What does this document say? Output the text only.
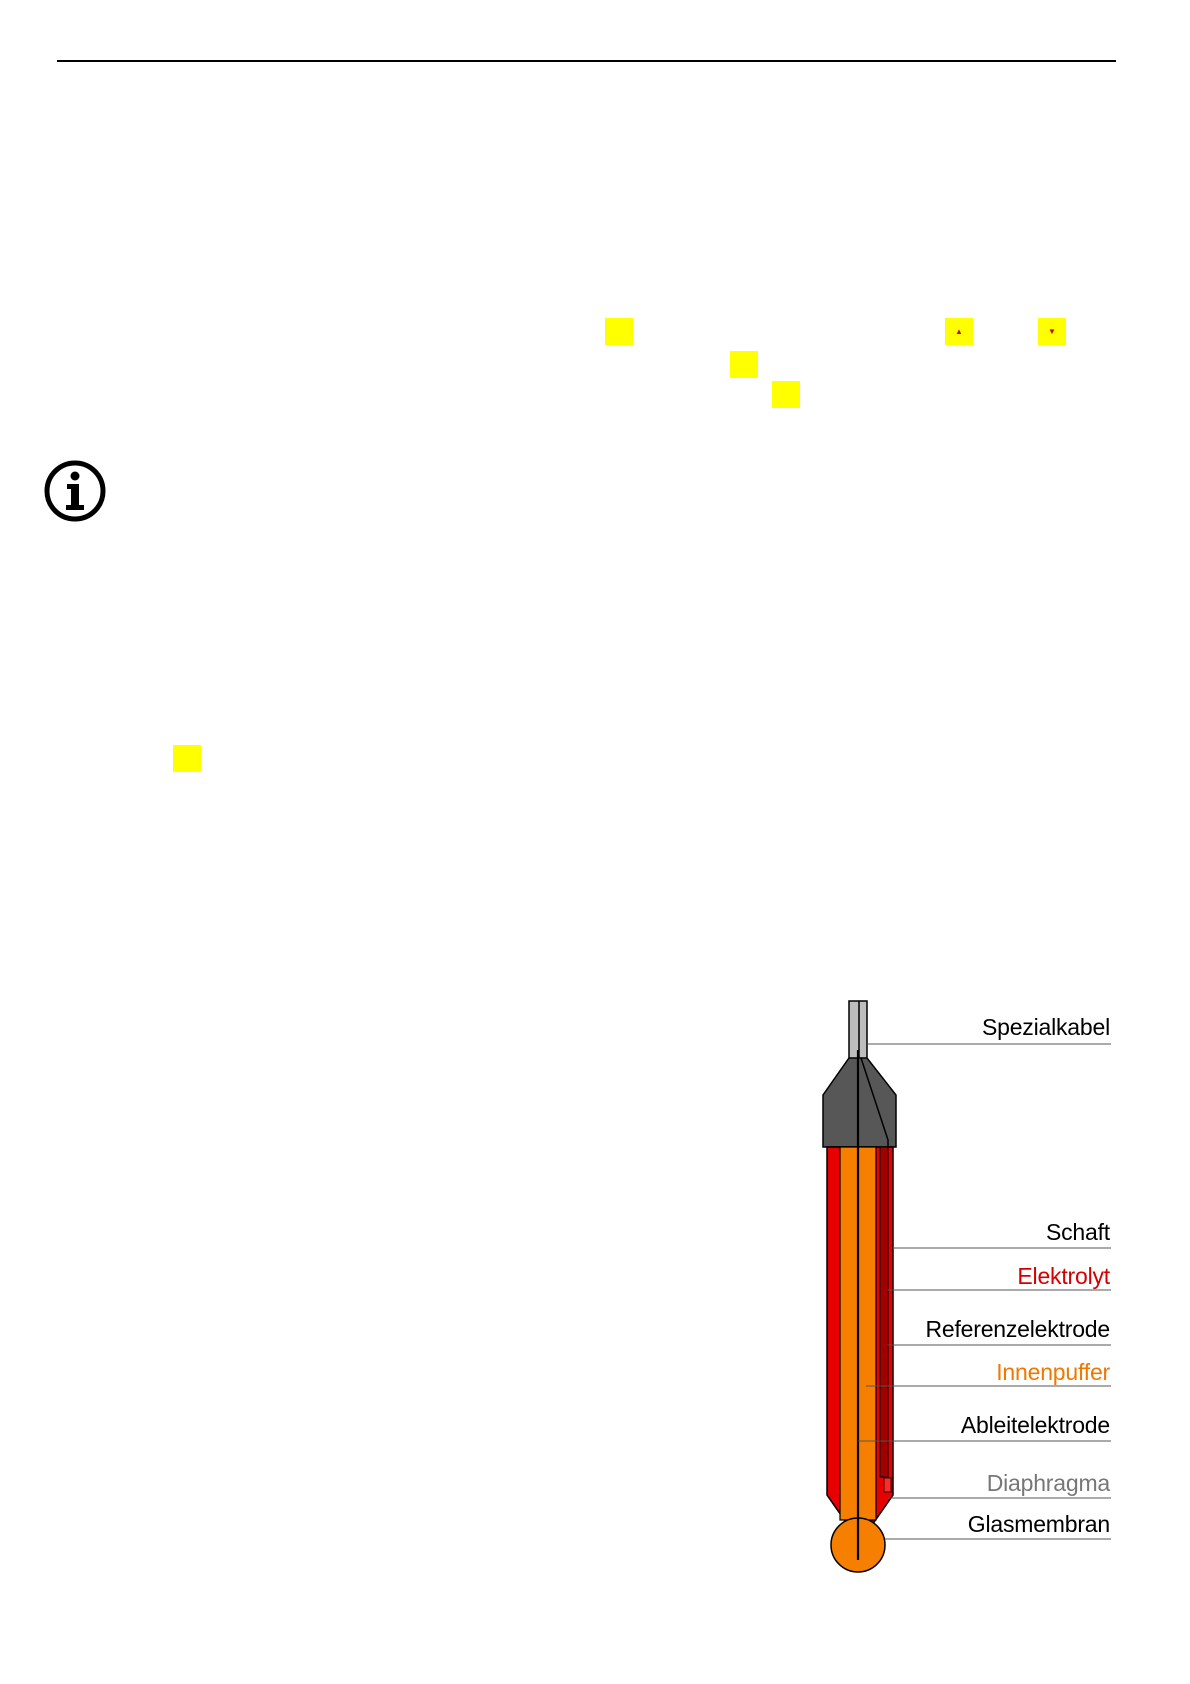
▲	▼
Spezialkabel
Schaft
Elektrolyt
Referenzelektrode
Innenpuffer
Ableitelektrode
Diaphragma
Glasmembran
